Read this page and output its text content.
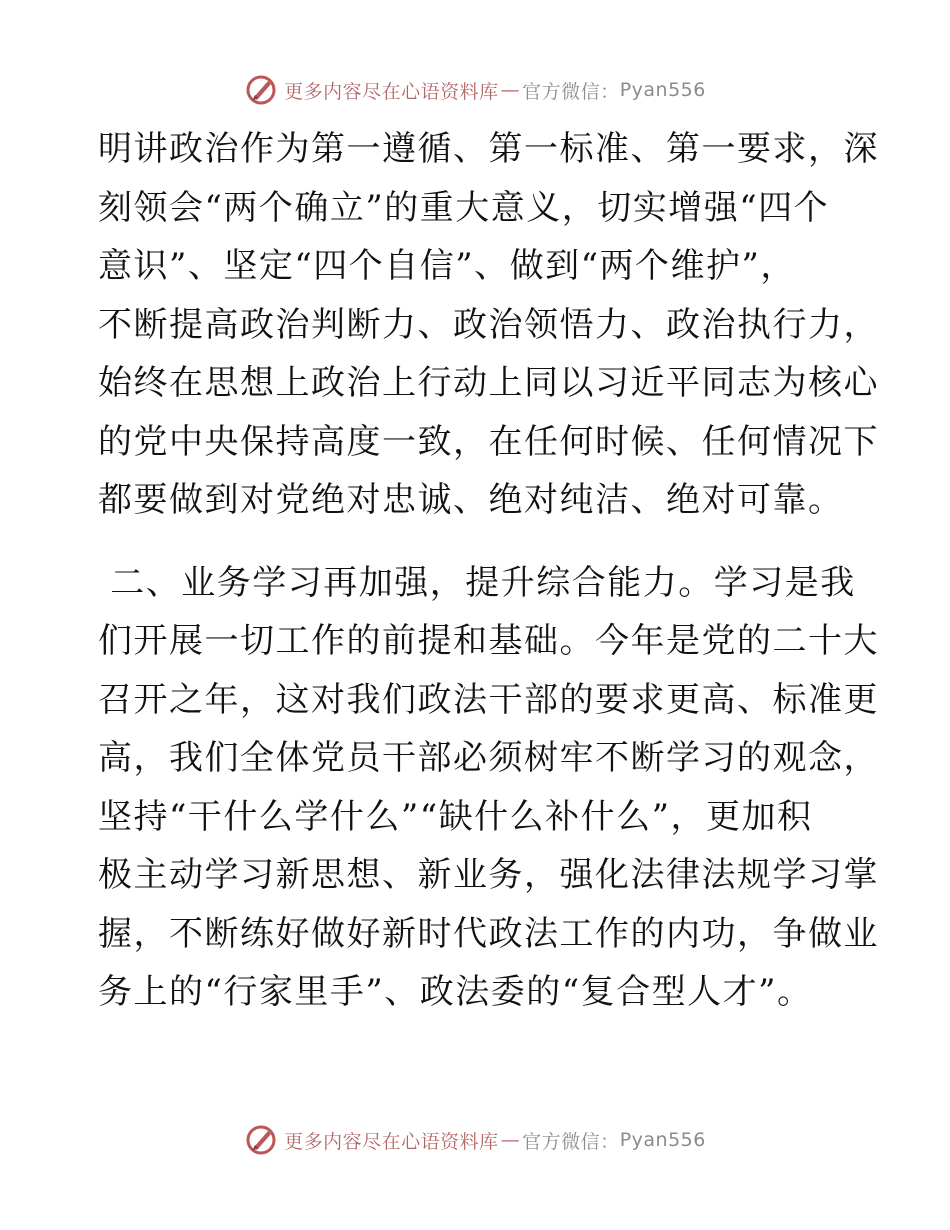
更多内容尽在心语资料库 — 官方微信： Pyan556

明讲政治作为第一遵循、第一标准、第一要求，深
刻领会“两个确立”的重大意义，切实增强“四个
意识”、坚定“四个自信”、做到“两个维护”，
不断提高政治判断力、政治领悟力、政治执行力，
始终在思想上政治上行动上同以习近平同志为核心
的党中央保持高度一致，在任何时候、任何情况下
都要做到对党绝对忠诚、绝对纯洁、绝对可靠。

二、业务学习再加强，提升综合能力。学习是我
们开展一切工作的前提和基础。今年是党的二十大
召开之年，这对我们政法干部的要求更高、标准更
高，我们全体党员干部必须树牢不断学习的观念，
坚持“干什么学什么”“缺什么补什么”，更加积
极主动学习新思想、新业务，强化法律法规学习掌
握，不断练好做好新时代政法工作的内功，争做业
务上的“行家里手”、政法委的“复合型人才”。

更多内容尽在心语资料库 — 官方微信： Pyan556
